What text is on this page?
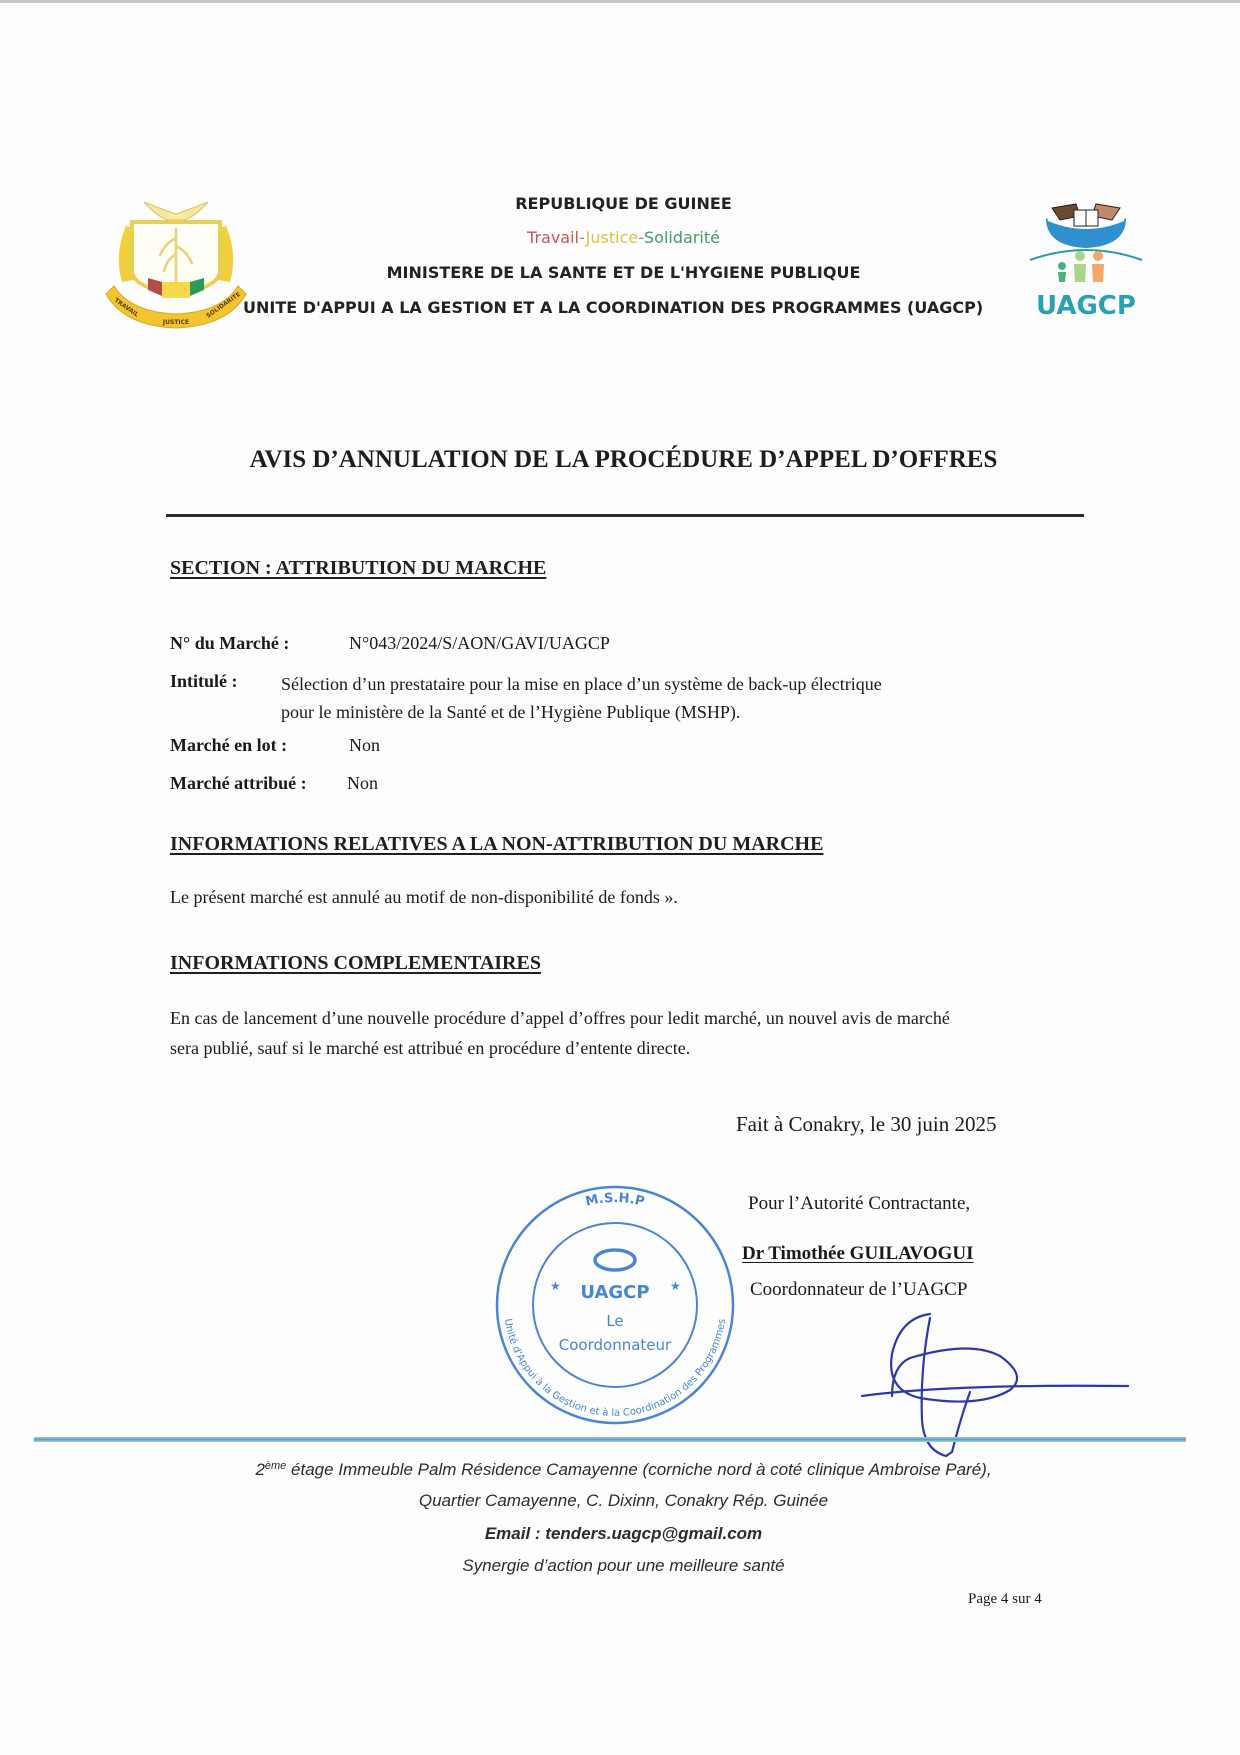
TRAVAIL
JUSTICE
SOLIDARITE
REPUBLIQUE DE GUINEE
Travail-Justice-Solidarité
MINISTERE DE LA SANTE ET DE L'HYGIENE PUBLIQUE
UNITE D'APPUI A LA GESTION ET A LA COORDINATION DES PROGRAMMES (UAGCP) UAGCP
AVIS D’ANNULATION DE LA PROCÉDURE D’APPEL D’OFFRES
SECTION : ATTRIBUTION DU MARCHE
N° du Marché :	N°043/2024/S/AON/GAVI/UAGCP
Intitulé : Sélection d’un prestataire pour la mise en place d’un système de back-up électrique
pour le ministère de la Santé et de l’Hygiène Publique (MSHP).
Marché en lot :	Non
Marché attribué : Non
INFORMATIONS RELATIVES A LA NON-ATTRIBUTION DU MARCHE
Le présent marché est annulé au motif de non-disponibilité de fonds ».
INFORMATIONS COMPLEMENTAIRES
En cas de lancement d’une nouvelle procédure d’appel d’offres pour ledit marché, un nouvel avis de marché
sera publié, sauf si le marché est attribué en procédure d’entente directe.
Fait à Conakry, le 30 juin 2025
M.S.H.P
Unité d'Appui à la Gestion et à la Coordination des Programmes
★	★
UAGCP
Le
Coordonnateur
Pour l’Autorité Contractante,
Dr Timothée GUILAVOGUI
Coordonnateur de l’UAGCP
2ème étage Immeuble Palm Résidence Camayenne (corniche nord à coté clinique Ambroise Paré),
Quartier Camayenne, C. Dixinn, Conakry Rép. Guinée
Email : tenders.uagcp@gmail.com
Synergie d’action pour une meilleure santé
Page 4 sur 4
